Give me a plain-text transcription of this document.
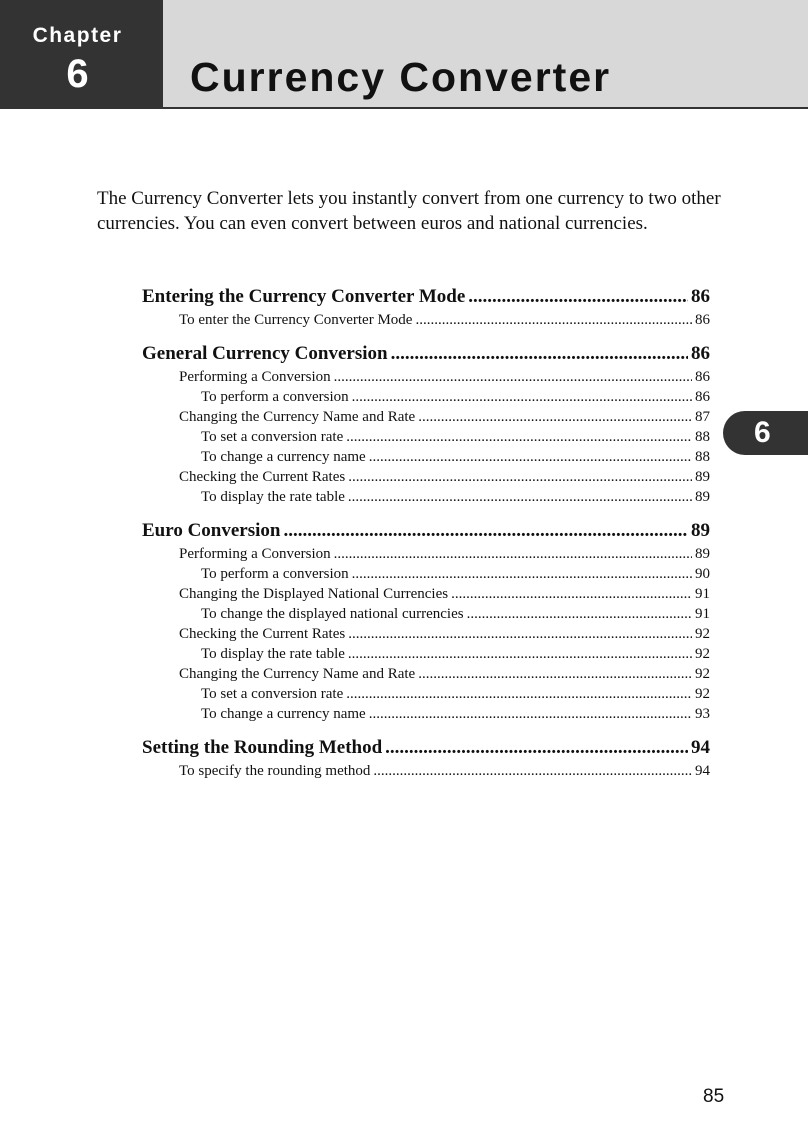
Chapter
6	Currency Converter
6

The Currency Converter lets you instantly convert from one currency to two other currencies. You can even convert between euros and national currencies.

Entering the Currency Converter Mode .....	86
To enter the Currency Converter Mode .....	86
General Currency Conversion .....	86
Performing a Conversion .....	86
To perform a conversion .....	86
Changing the Currency Name and Rate .....	87
To set a conversion rate .....	88
To change a currency name .....	88
Checking the Current Rates .....	89
To display the rate table .....	89
Euro Conversion .....	89
Performing a Conversion .....	89
To perform a conversion .....	90
Changing the Displayed National Currencies .....	91
To change the displayed national currencies .....	91
Checking the Current Rates .....	92
To display the rate table .....	92
Changing the Currency Name and Rate .....	92
To set a conversion rate .....	92
To change a currency name .....	93
Setting the Rounding Method .....	94
To specify the rounding method .....	94
85
